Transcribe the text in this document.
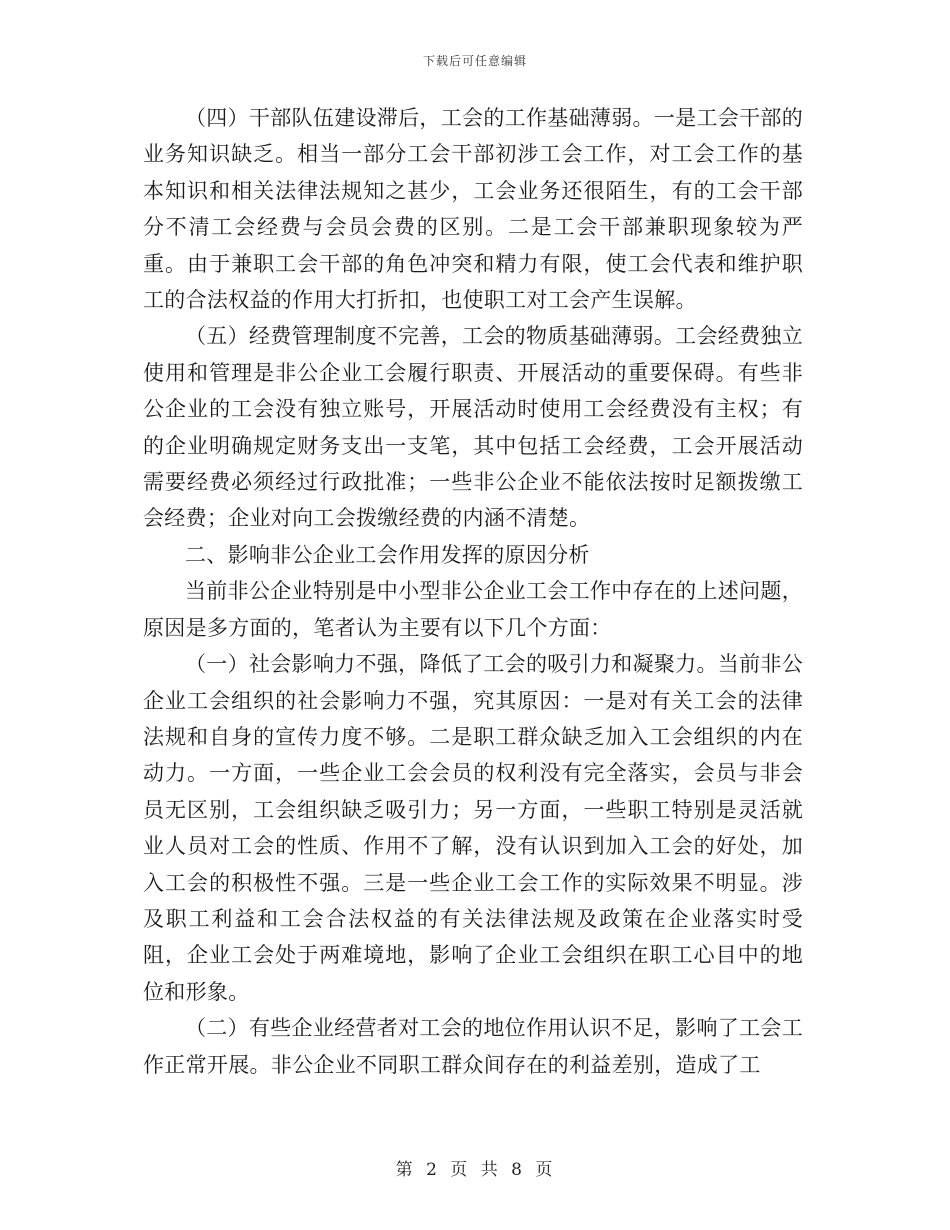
下载后可任意编辑

（四）干部队伍建设滞后，工会的工作基础薄弱。一是工会干部的业务知识缺乏。相当一部分工会干部初涉工会工作，对工会工作的基本知识和相关法律法规知之甚少，工会业务还很陌生，有的工会干部分不清工会经费与会员会费的区别。二是工会干部兼职现象较为严重。由于兼职工会干部的角色冲突和精力有限，使工会代表和维护职工的合法权益的作用大打折扣，也使职工对工会产生误解。

（五）经费管理制度不完善，工会的物质基础薄弱。工会经费独立使用和管理是非公企业工会履行职责、开展活动的重要保碍。有些非公企业的工会没有独立账号，开展活动时使用工会经费没有主权；有的企业明确规定财务支出一支笔，其中包括工会经费，工会开展活动需要经费必须经过行政批准；一些非公企业不能依法按时足额拨缴工会经费；企业对向工会拨缴经费的内涵不清楚。

二、影响非公企业工会作用发挥的原因分析

当前非公企业特别是中小型非公企业工会工作中存在的上述问题，原因是多方面的，笔者认为主要有以下几个方面：

（一）社会影响力不强，降低了工会的吸引力和凝聚力。当前非公企业工会组织的社会影响力不强，究其原因：一是对有关工会的法律法规和自身的宣传力度不够。二是职工群众缺乏加入工会组织的内在动力。一方面，一些企业工会会员的权利没有完全落实，会员与非会员无区别，工会组织缺乏吸引力；另一方面，一些职工特别是灵活就业人员对工会的性质、作用不了解，没有认识到加入工会的好处，加入工会的积极性不强。三是一些企业工会工作的实际效果不明显。涉及职工利益和工会合法权益的有关法律法规及政策在企业落实时受阻，企业工会处于两难境地，影响了企业工会组织在职工心目中的地位和形象。

（二）有些企业经营者对工会的地位作用认识不足，影响了工会工作正常开展。非公企业不同职工群众间存在的利益差别，造成了工

第 2 页 共 8 页
